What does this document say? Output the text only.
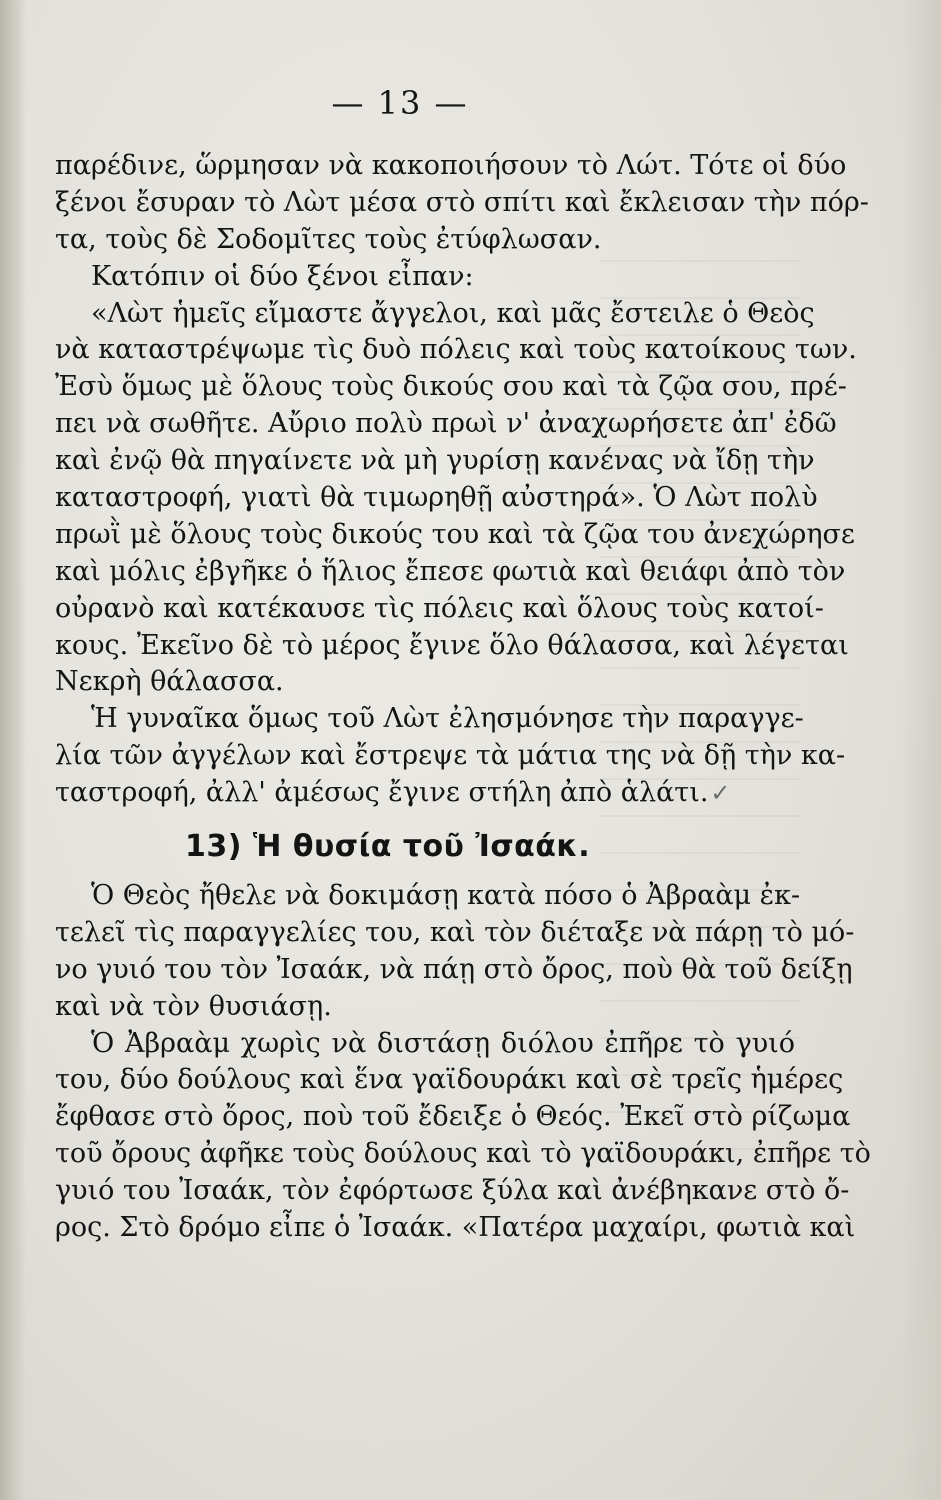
— 13 —
παρέδινε, ὥρμησαν νὰ κακοποιήσουν τὸ Λώτ. Τότε οἱ δύο
ξένοι ἔσυραν τὸ Λὼτ μέσα στὸ σπίτι καὶ ἔκλεισαν τὴν πόρ-
τα, τοὺς δὲ Σοδομῖτες τοὺς ἐτύφλωσαν.
Κατόπιν οἱ δύο ξένοι εἶπαν:
«Λὼτ ἡμεῖς εἴμαστε ἄγγελοι, καὶ μᾶς ἔστειλε ὁ Θεὸς
νὰ καταστρέψωμε τὶς δυὸ πόλεις καὶ τοὺς κατοίκους των.
Ἐσὺ ὅμως μὲ ὅλους τοὺς δικούς σου καὶ τὰ ζῷα σου, πρέ-
πει νὰ σωθῆτε. Αὔριο πολὺ πρωὶ ν' ἀναχωρήσετε ἀπ' ἐδῶ
καὶ ἐνῷ θὰ πηγαίνετε νὰ μὴ γυρίσῃ κανένας νὰ ἴδῃ τὴν
καταστροφή, γιατὶ θὰ τιμωρηθῇ αὐστηρά». Ὁ Λὼτ πολὺ
πρωῒ μὲ ὅλους τοὺς δικούς του καὶ τὰ ζῷα του ἀνεχώρησε
καὶ μόλις ἐβγῆκε ὁ ἥλιος ἔπεσε φωτιὰ καὶ θειάφι ἀπὸ τὸν
οὐρανὸ καὶ κατέκαυσε τὶς πόλεις καὶ ὅλους τοὺς κατοί-
κους. Ἐκεῖνο δὲ τὸ μέρος ἔγινε ὅλο θάλασσα, καὶ λέγεται
Νεκρὴ θάλασσα.
Ἡ γυναῖκα ὅμως τοῦ Λὼτ ἐλησμόνησε τὴν παραγγε-
λία τῶν ἀγγέλων καὶ ἔστρεψε τὰ μάτια της νὰ δῇ τὴν κα-
ταστροφή, ἀλλ' ἀμέσως ἔγινε στήλη ἀπὸ ἁλάτι.✓
13) Ἡ θυσία τοῦ Ἰσαάκ.
Ὁ Θεὸς ἤθελε νὰ δοκιμάσῃ κατὰ πόσο ὁ Ἀβραὰμ ἐκ-
τελεῖ τὶς παραγγελίες του, καὶ τὸν διέταξε νὰ πάρῃ τὸ μό-
νο γυιό του τὸν Ἰσαάκ, νὰ πάῃ στὸ ὄρος, ποὺ θὰ τοῦ δείξῃ
καὶ νὰ τὸν θυσιάσῃ.
Ὁ Ἀβραὰμ χωρὶς νὰ διστάσῃ διόλου ἐπῆρε τὸ γυιό
του, δύο δούλους καὶ ἕνα γαϊδουράκι καὶ σὲ τρεῖς ἡμέρες
ἔφθασε στὸ ὄρος, ποὺ τοῦ ἔδειξε ὁ Θεός. Ἐκεῖ στὸ ρίζωμα
τοῦ ὄρους ἀφῆκε τοὺς δούλους καὶ τὸ γαϊδουράκι, ἐπῆρε τὸ
γυιό του Ἰσαάκ, τὸν ἐφόρτωσε ξύλα καὶ ἀνέβηκανε στὸ ὄ-
ρος. Στὸ δρόμο εἶπε ὁ Ἰσαάκ. «Πατέρα μαχαίρι, φωτιὰ καὶ
